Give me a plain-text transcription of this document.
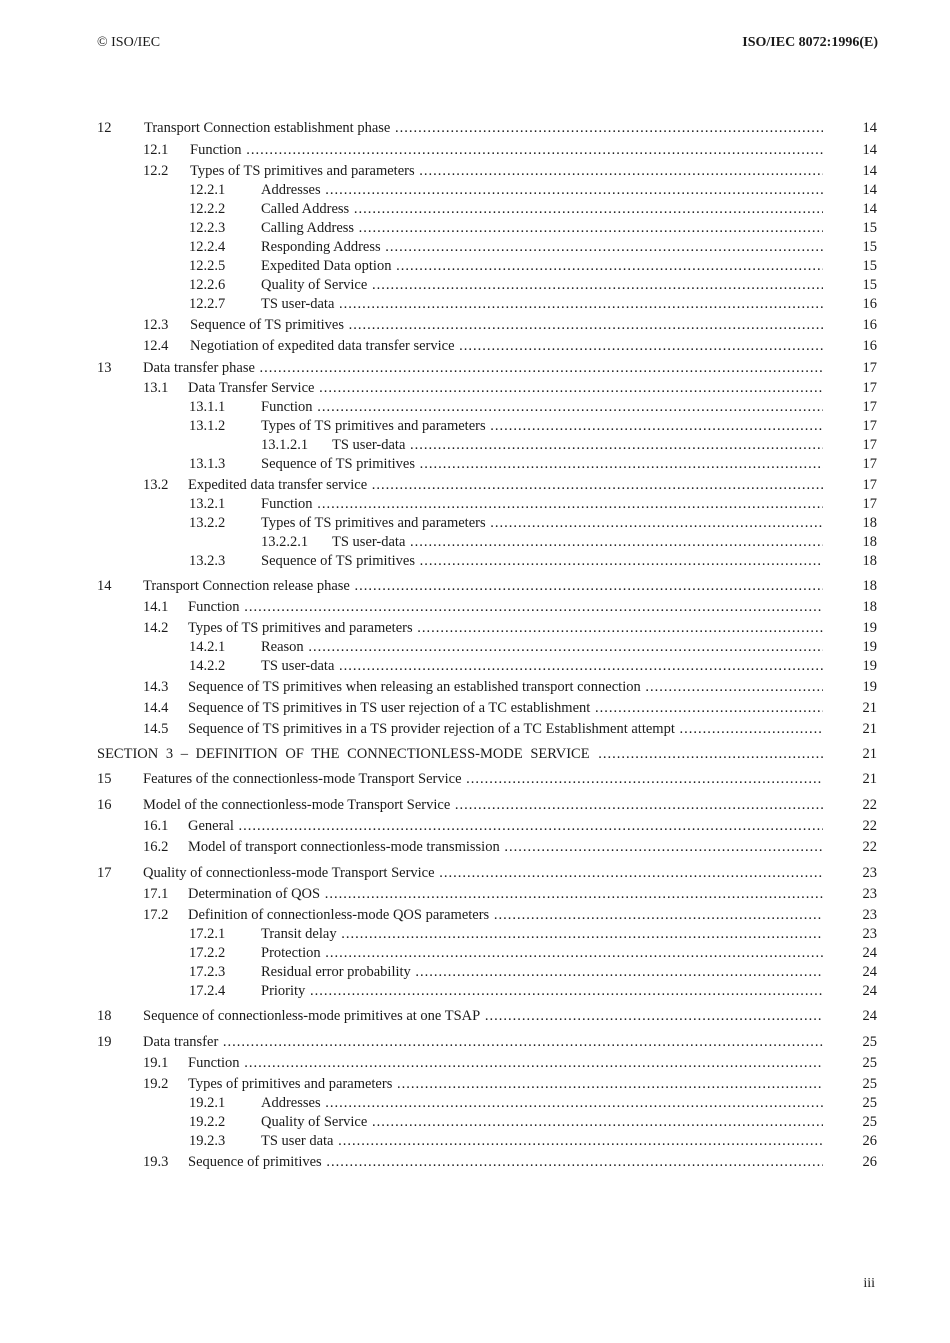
© ISO/IEC	ISO/IEC 8072:1996(E)
12 Transport Connection establishment phase .....	14
12.1 Function .....	14
12.2 Types of TS primitives and parameters .....	14
12.2.1 Addresses .....	14
12.2.2 Called Address .....	14
12.2.3 Calling Address .....	15
12.2.4 Responding Address .....	15
12.2.5 Expedited Data option .....	15
12.2.6 Quality of Service .....	15
12.2.7 TS user-data .....	16
12.3 Sequence of TS primitives .....	16
12.4 Negotiation of expedited data transfer service .....	16
13 Data transfer phase .....	17
13.1 Data Transfer Service .....	17
13.1.1 Function .....	17
13.1.2 Types of TS primitives and parameters .....	17
13.1.2.1 TS user-data .....	17
13.1.3 Sequence of TS primitives .....	17
13.2 Expedited data transfer service .....	17
13.2.1 Function .....	17
13.2.2 Types of TS primitives and parameters .....	18
13.2.2.1 TS user-data .....	18
13.2.3 Sequence of TS primitives .....	18
14 Transport Connection release phase .....	18
14.1 Function .....	18
14.2 Types of TS primitives and parameters .....	19
14.2.1 Reason .....	19
14.2.2 TS user-data .....	19
14.3 Sequence of TS primitives when releasing an established transport connection .....	19
14.4 Sequence of TS primitives in TS user rejection of a TC establishment .....	21
14.5 Sequence of TS primitives in a TS provider rejection of a TC Establishment attempt .....	21
SECTION 3 – DEFINITION OF THE CONNECTIONLESS-MODE SERVICE .....	21
15 Features of the connectionless-mode Transport Service .....	21
16 Model of the connectionless-mode Transport Service .....	22
16.1 General .....	22
16.2 Model of transport connectionless-mode transmission .....	22
17 Quality of connectionless-mode Transport Service .....	23
17.1 Determination of QOS .....	23
17.2 Definition of connectionless-mode QOS parameters .....	23
17.2.1 Transit delay .....	23
17.2.2 Protection .....	24
17.2.3 Residual error probability .....	24
17.2.4 Priority .....	24
18 Sequence of connectionless-mode primitives at one TSAP .....	24
19 Data transfer .....	25
19.1 Function .....	25
19.2 Types of primitives and parameters .....	25
19.2.1 Addresses .....	25
19.2.2 Quality of Service .....	25
19.2.3 TS user data .....	26
19.3 Sequence of primitives .....	26
iii
